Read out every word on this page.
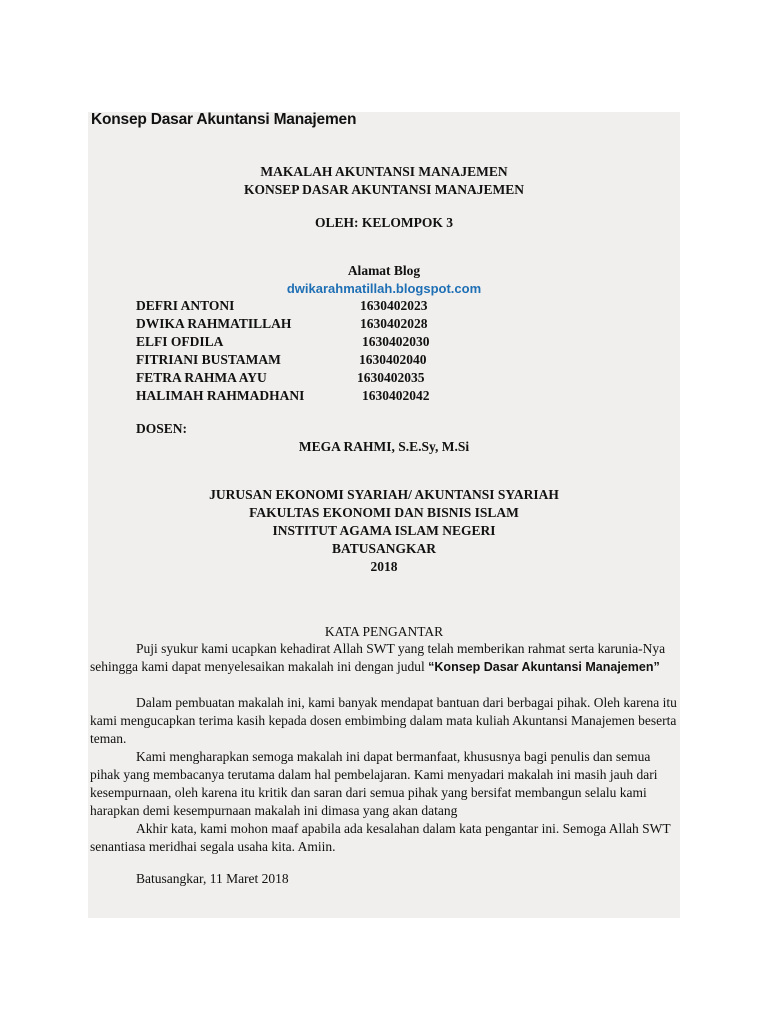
Konsep Dasar Akuntansi Manajemen
MAKALAH AKUNTANSI MANAJEMEN
KONSEP DASAR AKUNTANSI MANAJEMEN
OLEH: KELOMPOK 3
Alamat Blog
dwikarahmatillah.blogspot.com
DEFRI ANTONI	1630402023
DWIKA RAHMATILLAH	1630402028
ELFI OFDILA	1630402030
FITRIANI BUSTAMAM	1630402040
FETRA RAHMA AYU	1630402035
HALIMAH RAHMADHANI	1630402042
DOSEN:
MEGA RAHMI, S.E.Sy, M.Si
JURUSAN EKONOMI SYARIAH/ AKUNTANSI SYARIAH
FAKULTAS EKONOMI DAN BISNIS ISLAM
INSTITUT AGAMA ISLAM NEGERI
BATUSANGKAR
2018
KATA PENGANTAR
Puji syukur kami ucapkan kehadirat Allah SWT yang telah memberikan rahmat serta karunia-Nya sehingga kami dapat menyelesaikan makalah ini dengan judul “Konsep Dasar Akuntansi Manajemen”
Dalam pembuatan makalah ini, kami banyak mendapat bantuan dari berbagai pihak. Oleh karena itu kami mengucapkan terima kasih kepada dosen embimbing dalam mata kuliah Akuntansi Manajemen beserta teman.
Kami mengharapkan semoga makalah ini dapat bermanfaat, khususnya bagi penulis dan semua pihak yang membacanya terutama dalam hal pembelajaran. Kami menyadari makalah ini masih jauh dari kesempurnaan, oleh karena itu kritik dan saran dari semua pihak yang bersifat membangun selalu kami harapkan demi kesempurnaan makalah ini dimasa yang akan datang
Akhir kata, kami mohon maaf apabila ada kesalahan dalam kata pengantar ini. Semoga Allah SWT senantiasa meridhai segala usaha kita. Amiin.
Batusangkar, 11 Maret 2018
